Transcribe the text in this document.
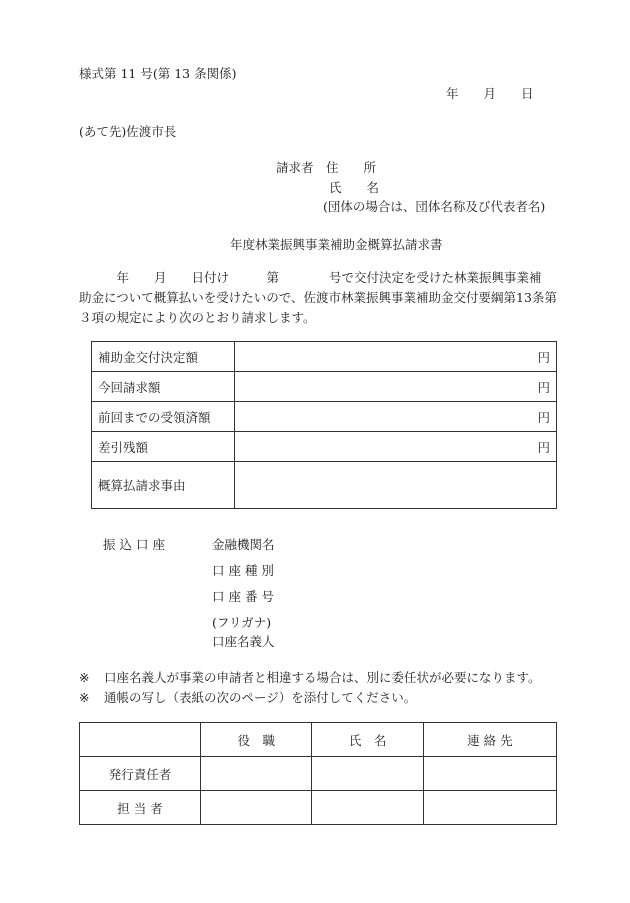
様式第 11 号(第 13 条関係)
年　　月　　日
(あて先)佐渡市長
請求者　住　　所
氏　　名
(団体の場合は、団体名称及び代表者名)
年度林業振興事業補助金概算払請求書
　　　年　　月　　日付け　　　第　　　　号で交付決定を受けた林業振興事業補
助金について概算払いを受けたいので、佐渡市林業振興事業補助金交付要綱第13条第
３項の規定により次のとおり請求します。
補助金交付決定額	円
今回請求額	円
前回までの受領済額	円
差引残額	円
概算払請求事由	
振込口座	金融機関名
口 座 種 別
口 座 番 号
(フリガナ)
口座名義人
※ 口座名義人が事業の申請者と相違する場合は、別に委任状が必要になります。
※ 通帳の写し（表紙の次のページ）を添付してください。
	役　職	氏　名	連 絡 先
発行責任者			
担 当 者			
